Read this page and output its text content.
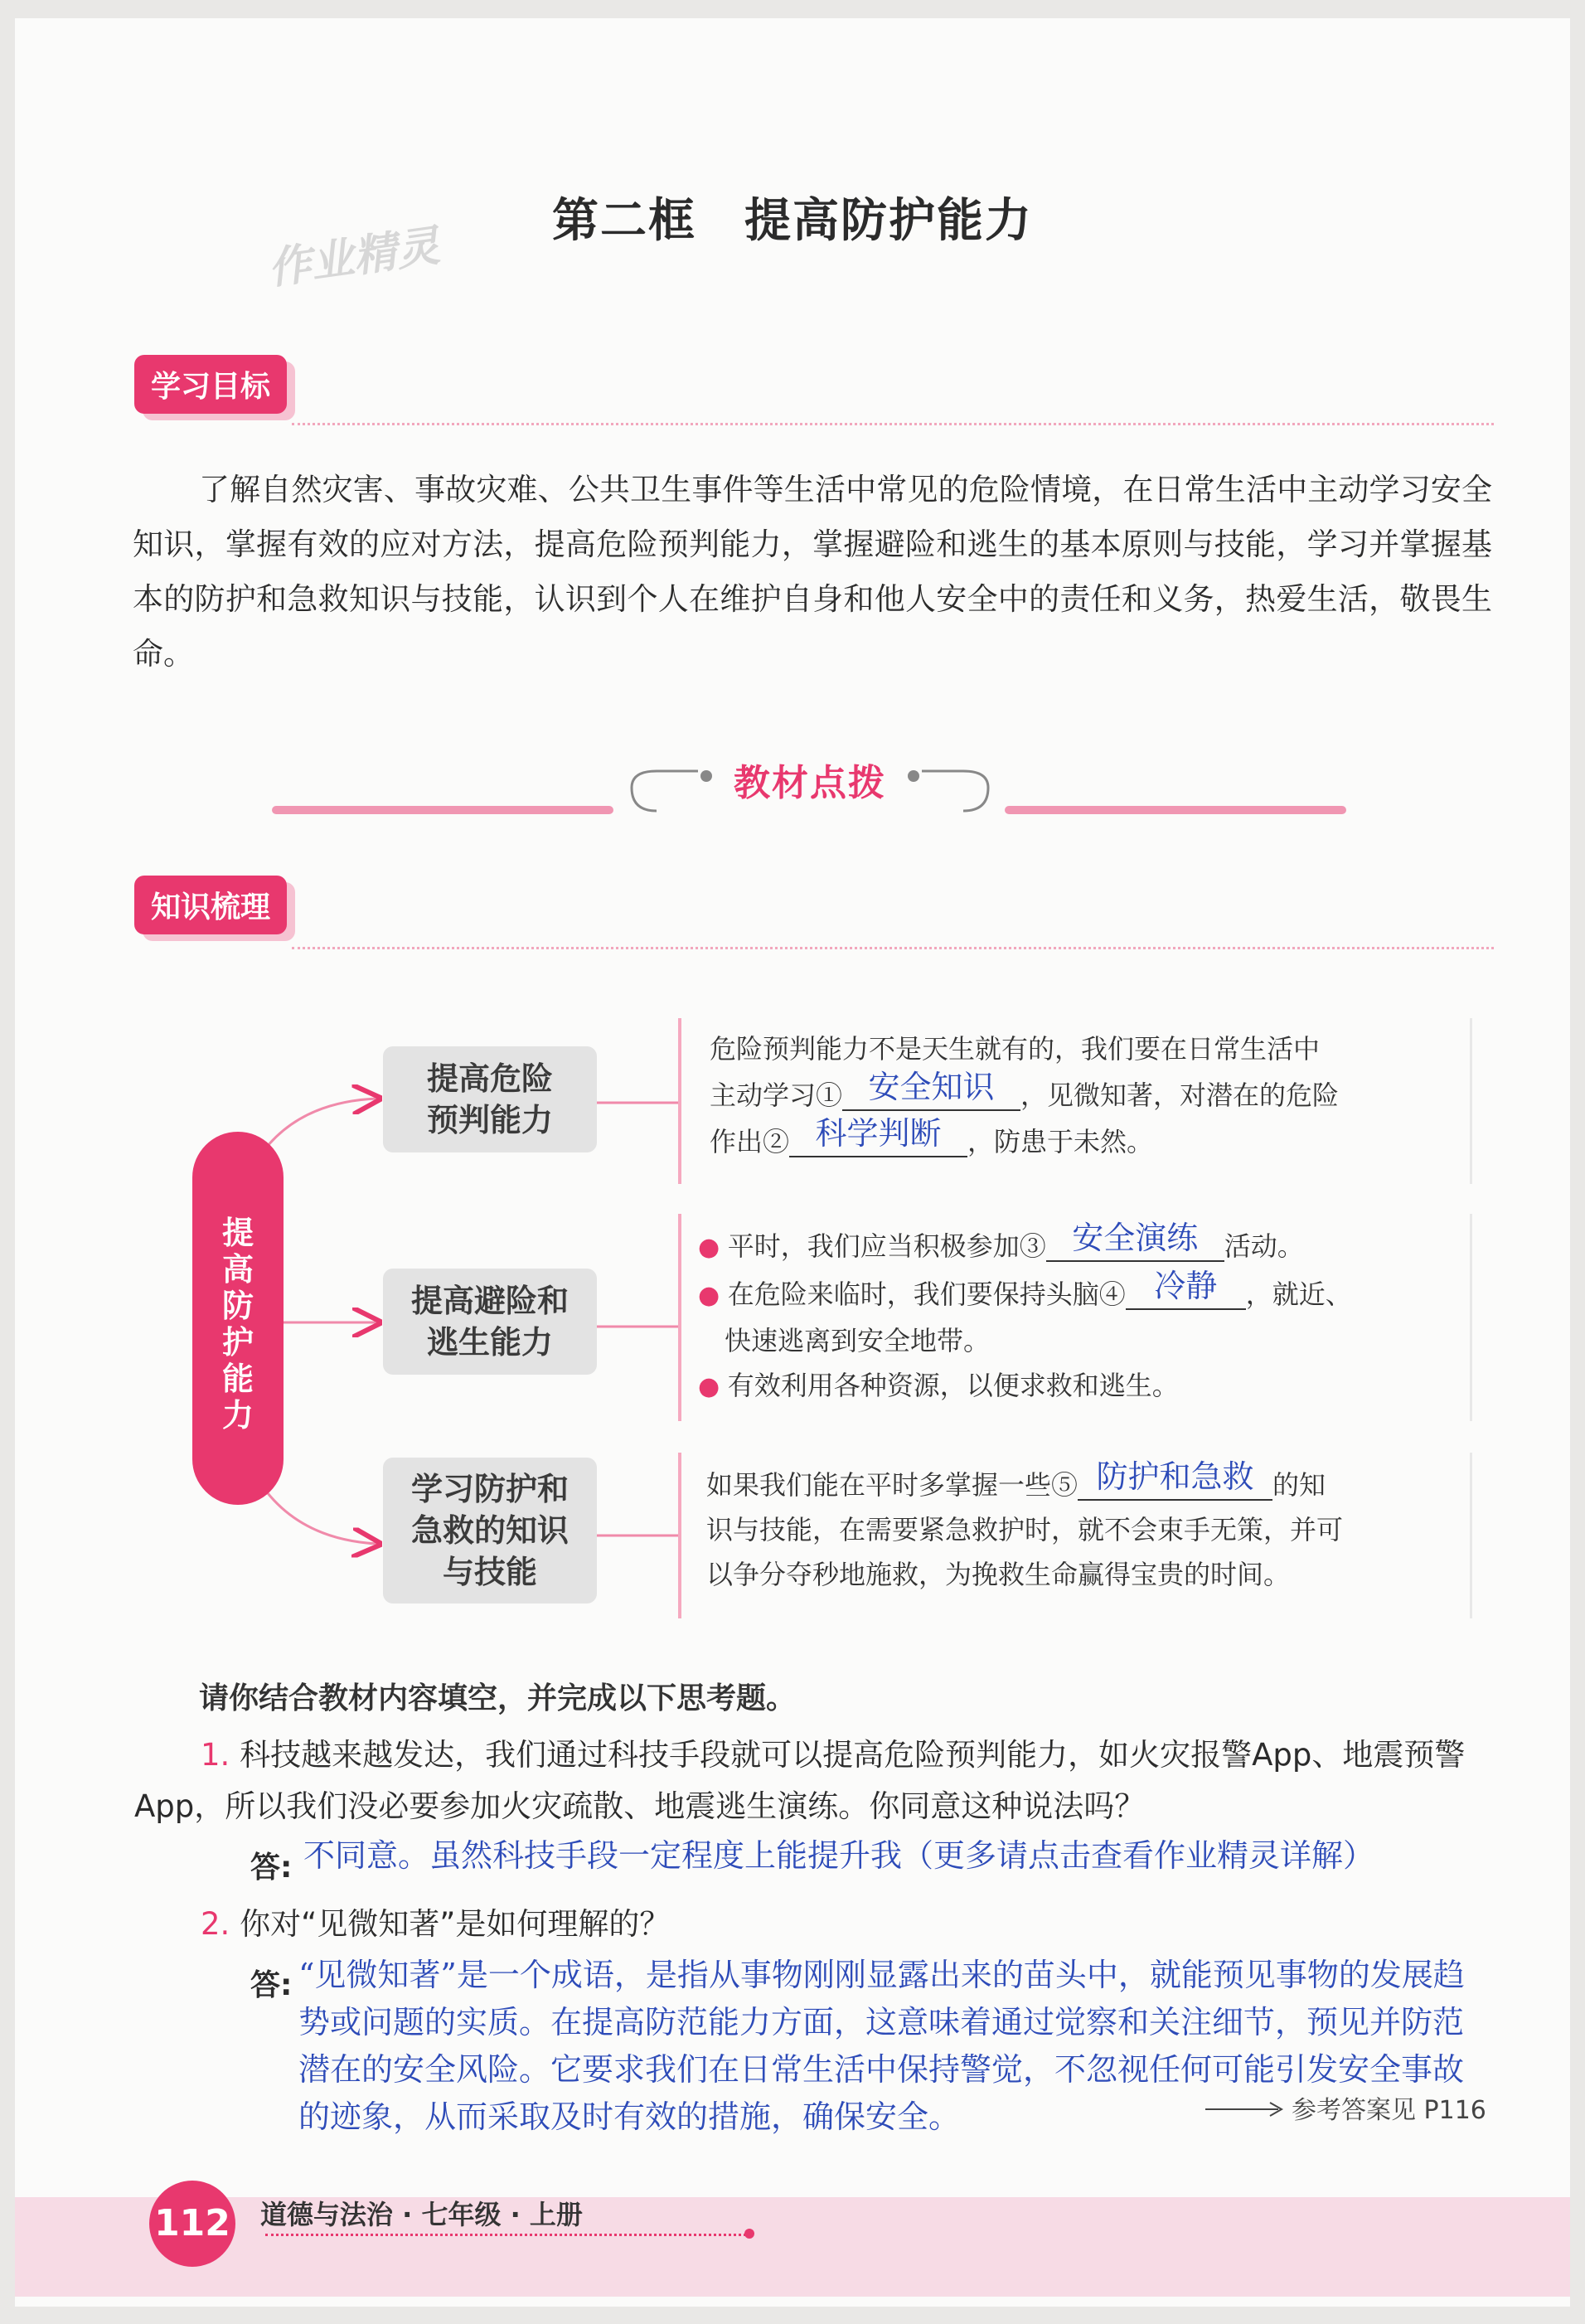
第二框　提高防护能力
作业精灵
学习目标
了解自然灾害、事故灾难、公共卫生事件等生活中常见的危险情境，在日常生活中主动学习安全知识，掌握有效的应对方法，提高危险预判能力，掌握避险和逃生的基本原则与技能，学习并掌握基本的防护和急救知识与技能，认识到个人在维护自身和他人安全中的责任和义务，热爱生活，敬畏生命。
教材点拨
知识梳理
提高防护能力
提高危险预判能力
提高避险和逃生能力
学习防护和急救的知识与技能
危险预判能力不是天生就有的，我们要在日常生活中
主动学习① 安全知识 ，见微知著，对潜在的危险
作出② 科学判断 ，防患于未然。
● 平时，我们应当积极参加③ 安全演练 活动。
● 在危险来临时，我们要保持头脑④ 冷静 ，就近、
快速逃离到安全地带。
● 有效利用各种资源，以便求救和逃生。
如果我们能在平时多掌握一些⑤ 防护和急救 的知
识与技能，在需要紧急救护时，就不会束手无策，并可
以争分夺秒地施救，为挽救生命赢得宝贵的时间。
请你结合教材内容填空，并完成以下思考题。
1. 科技越来越发达，我们通过科技手段就可以提高危险预判能力，如火灾报警App、地震预警App，所以我们没必要参加火灾疏散、地震逃生演练。你同意这种说法吗？
答: 不同意。虽然科技手段一定程度上能提升我（更多请点击查看作业精灵详解）
2. 你对“见微知著”是如何理解的？
答: “见微知著”是一个成语，是指从事物刚刚显露出来的苗头中，就能预见事物的发展趋势或问题的实质。在提高防范能力方面，这意味着通过觉察和关注细节，预见并防范潜在的安全风险。它要求我们在日常生活中保持警觉，不忽视任何可能引发安全事故的迹象，从而采取及时有效的措施，确保安全。	参考答案见 P116
112 道德与法治 · 七年级 · 上册
